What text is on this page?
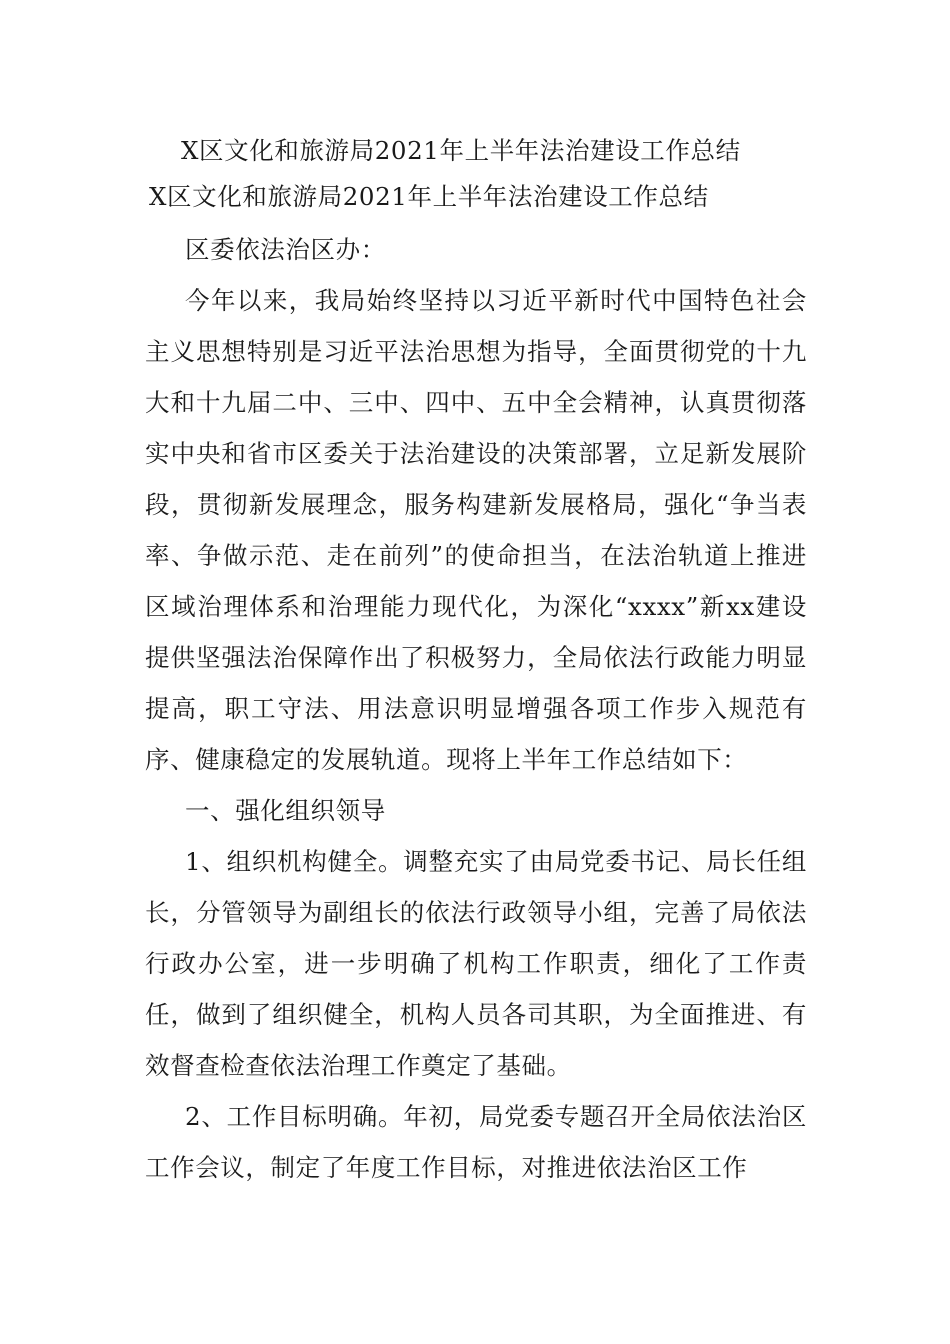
X区文化和旅游局2021年上半年法治建设工作总结
X区文化和旅游局2021年上半年法治建设工作总结

区委依法治区办：

今年以来，我局始终坚持以习近平新时代中国特色社会主义思想特别是习近平法治思想为指导，全面贯彻党的十九大和十九届二中、三中、四中、五中全会精神，认真贯彻落实中央和省市区委关于法治建设的决策部署，立足新发展阶段，贯彻新发展理念，服务构建新发展格局，强化“争当表率、争做示范、走在前列”的使命担当，在法治轨道上推进区域治理体系和治理能力现代化，为深化“xxxx”新xx建设提供坚强法治保障作出了积极努力，全局依法行政能力明显提高，职工守法、用法意识明显增强各项工作步入规范有序、健康稳定的发展轨道。现将上半年工作总结如下：

一、强化组织领导

1、组织机构健全。调整充实了由局党委书记、局长任组长，分管领导为副组长的依法行政领导小组，完善了局依法行政办公室，进一步明确了机构工作职责，细化了工作责任，做到了组织健全，机构人员各司其职，为全面推进、有效督查检查依法治理工作奠定了基础。

2、工作目标明确。年初，局党委专题召开全局依法治区工作会议，制定了年度工作目标，对推进依法治区工作
